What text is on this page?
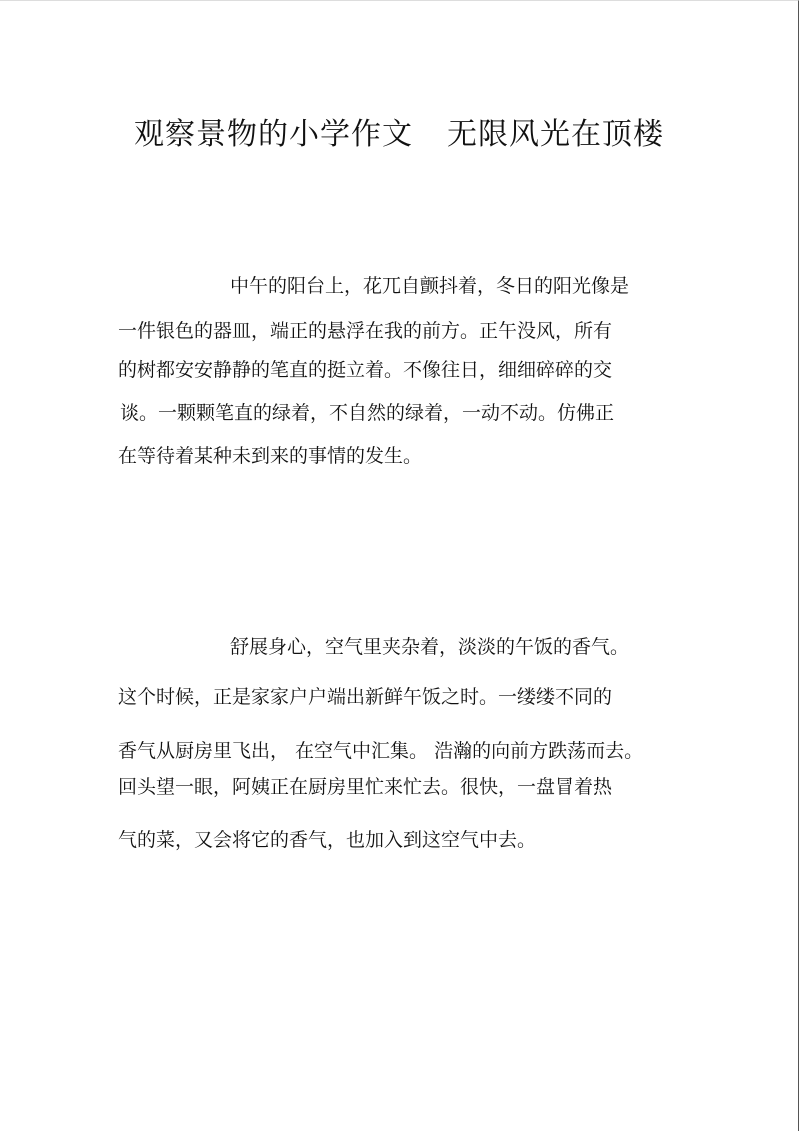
观察景物的小学作文 无限风光在顶楼
中午的阳台上，花兀自颤抖着，冬日的阳光像是
一件银色的器皿，端正的悬浮在我的前方。正午没风，所有
的树都安安静静的笔直的挺立着。不像往日，细细碎碎的交
谈。一颗颗笔直的绿着，不自然的绿着，一动不动。仿佛正
在等待着某种未到来的事情的发生。
舒展身心，空气里夹杂着，淡淡的午饭的香气。
这个时候，正是家家户户端出新鲜午饭之时。一缕缕不同的
香气从厨房里飞出， 在空气中汇集。 浩瀚的向前方跌荡而去。
回头望一眼，阿姨正在厨房里忙来忙去。很快，一盘冒着热
气的菜，又会将它的香气，也加入到这空气中去。
